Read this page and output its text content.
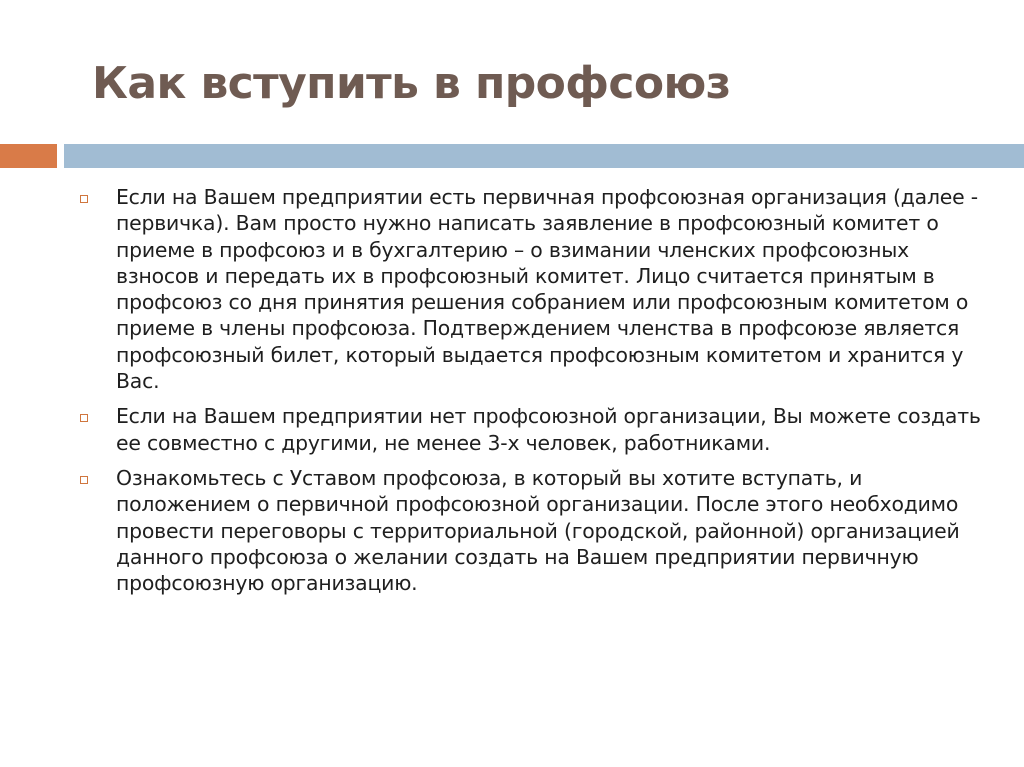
Как вступить в профсоюз
Если на Вашем предприятии есть первичная профсоюзная организация (далее - первичка). Вам просто нужно написать заявление в профсоюзный комитет о приеме в профсоюз и в бухгалтерию – о взимании членских профсоюзных взносов и передать их в профсоюзный комитет. Лицо считается принятым в профсоюз со дня принятия решения собранием или профсоюзным комитетом о приеме в члены профсоюза. Подтверждением членства в профсоюзе является профсоюзный билет, который выдается профсоюзным комитетом и хранится у Вас.
Если на Вашем предприятии нет профсоюзной организации, Вы можете создать ее совместно с другими, не менее 3-х человек, работниками.
Ознакомьтесь с Уставом профсоюза, в который вы хотите вступать, и положением о первичной профсоюзной организации. После этого необходимо провести переговоры с территориальной (городской, районной) организацией данного профсоюза о желании создать на Вашем предприятии первичную профсоюзную организацию.
